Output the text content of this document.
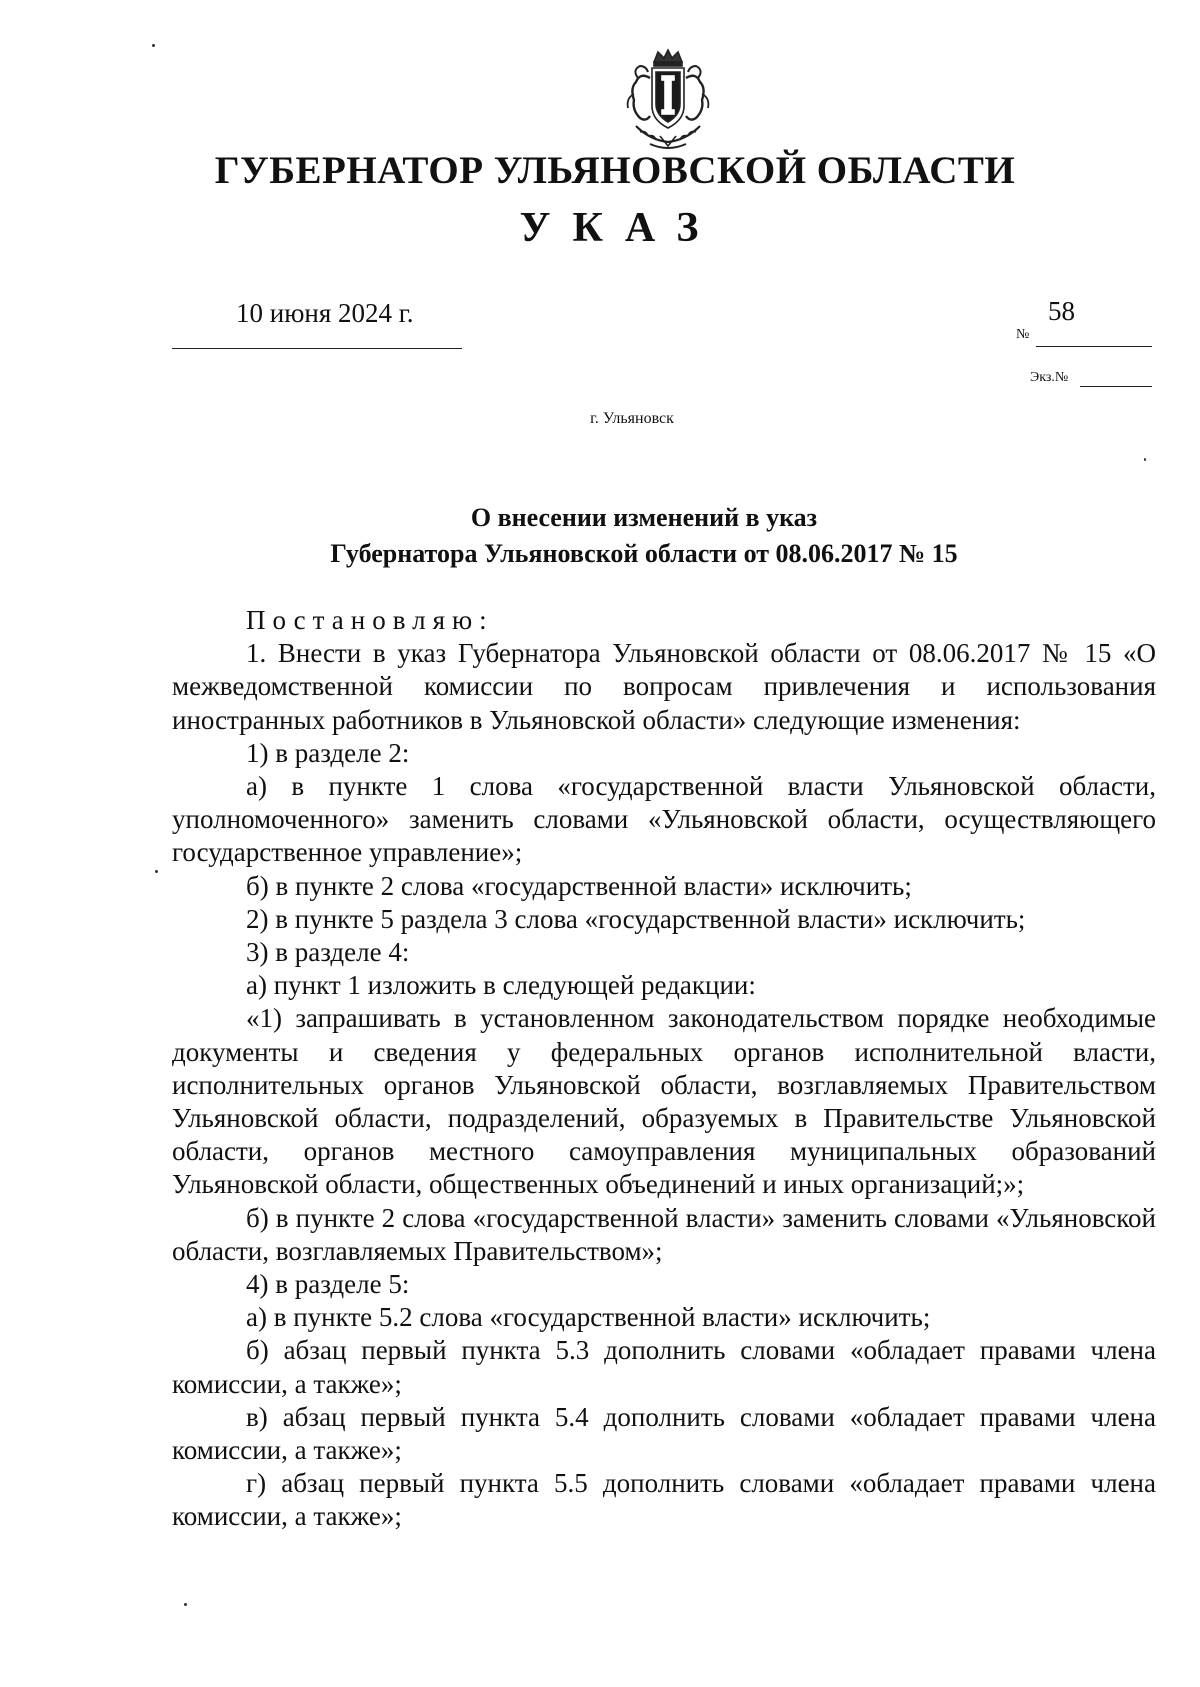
ГУБЕРНАТОР УЛЬЯНОВСКОЙ ОБЛАСТИ
УКАЗ
10 июня 2024 г.	58
№
Экз.№
г. Ульяновск
О внесении изменений в указ
Губернатора Ульяновской области от 08.06.2017 № 15

Постановляю:

1. Внести в указ Губернатора Ульяновской области от 08.06.2017 № 15 «О межведомственной комиссии по вопросам привлечения и использования иностранных работников в Ульяновской области» следующие изменения:

1) в разделе 2:

а) в пункте 1 слова «государственной власти Ульяновской области, уполномоченного» заменить словами «Ульяновской области, осуществляющего государственное управление»;

б) в пункте 2 слова «государственной власти» исключить;

2) в пункте 5 раздела 3 слова «государственной власти» исключить;

3) в разделе 4:

а) пункт 1 изложить в следующей редакции:

«1) запрашивать в установленном законодательством порядке необходимые документы и сведения у федеральных органов исполнительной власти, исполнительных органов Ульяновской области, возглавляемых Правительством Ульяновской области, подразделений, образуемых в Правительстве Ульяновской области, органов местного самоуправления муниципальных образований Ульяновской области, общественных объединений и иных организаций;»;

б) в пункте 2 слова «государственной власти» заменить словами «Ульяновской области, возглавляемых Правительством»;

4) в разделе 5:

а) в пункте 5.2 слова «государственной власти» исключить;

б) абзац первый пункта 5.3 дополнить словами «обладает правами члена комиссии, а также»;

в) абзац первый пункта 5.4 дополнить словами «обладает правами члена комиссии, а также»;

г) абзац первый пункта 5.5 дополнить словами «обладает правами члена комиссии, а также»;
